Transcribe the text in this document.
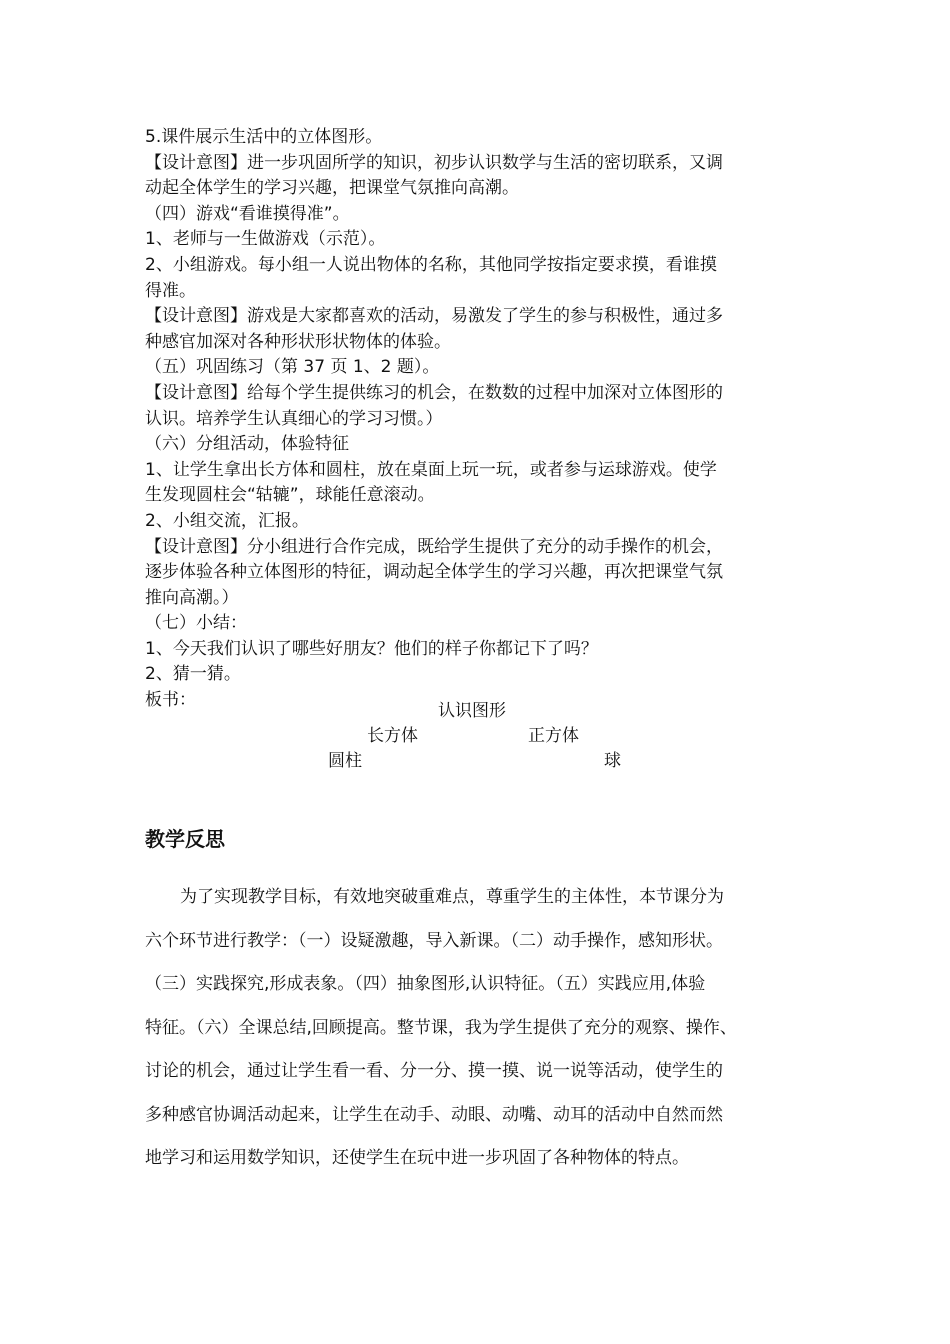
5.课件展示生活中的立体图形。
【设计意图】进一步巩固所学的知识，初步认识数学与生活的密切联系，又调
动起全体学生的学习兴趣，把课堂气氛推向高潮。
（四）游戏“看谁摸得准”。
1、老师与一生做游戏（示范）。
2、小组游戏。每小组一人说出物体的名称，其他同学按指定要求摸，看谁摸
得准。
【设计意图】游戏是大家都喜欢的活动，易激发了学生的参与积极性，通过多
种感官加深对各种形状形状物体的体验。
（五）巩固练习（第 37 页 1、2 题）。
【设计意图】给每个学生提供练习的机会，在数数的过程中加深对立体图形的
认识。培养学生认真细心的学习习惯。）
（六）分组活动，体验特征
1、让学生拿出长方体和圆柱，放在桌面上玩一玩，或者参与运球游戏。使学
生发现圆柱会“轱辘”，球能任意滚动。
2、小组交流，汇报。
【设计意图】分小组进行合作完成，既给学生提供了充分的动手操作的机会，
逐步体验各种立体图形的特征，调动起全体学生的学习兴趣，再次把课堂气氛
推向高潮。）
（七）小结：
1、今天我们认识了哪些好朋友？他们的样子你都记下了吗？
2、猜一猜。
板书：
认识图形
长方体	正方体
圆柱	球
教学反思
为了实现教学目标，有效地突破重难点，尊重学生的主体性，本节课分为
六个环节进行教学：（一）设疑激趣，导入新课。（二）动手操作，感知形状。
（三）实践探究,形成表象。（四）抽象图形,认识特征。（五）实践应用,体验
特征。（六）全课总结,回顾提高。整节课，我为学生提供了充分的观察、操作、
讨论的机会，通过让学生看一看、分一分、摸一摸、说一说等活动，使学生的
多种感官协调活动起来，让学生在动手、动眼、动嘴、动耳的活动中自然而然
地学习和运用数学知识，还使学生在玩中进一步巩固了各种物体的特点。
